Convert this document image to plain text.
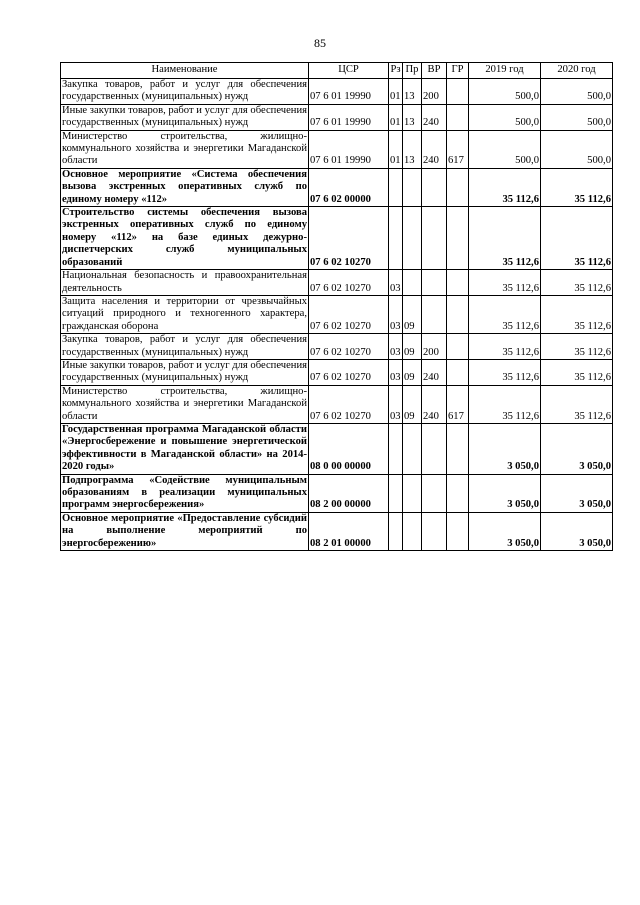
85
Наименование	ЦСР	Рз	Пр	ВР	ГР	2019 год	2020 год

Закупка товаров, работ и услуг для обеспечения государственных (муниципальных) нужд	07 6 01 19990	01	13	200		500,0	500,0

Иные закупки товаров, работ и услуг для обеспечения государственных (муниципальных) нужд	07 6 01 19990	01	13	240		500,0	500,0

Министерство строительства, жилищно-коммунального хозяйства и энергетики Магаданской области	07 6 01 19990	01	13	240	617	500,0	500,0

Основное мероприятие «Система обеспечения вызова экстренных оперативных служб по единому номеру «112»	07 6 02 00000					35 112,6	35 112,6

Строительство системы обеспечения вызова экстренных оперативных служб по единому номеру «112» на базе единых дежурно-диспетчерских служб муниципальных образований	07 6 02 10270					35 112,6	35 112,6

Национальная безопасность и правоохранительная деятельность	07 6 02 10270	03				35 112,6	35 112,6

Защита населения и территории от чрезвычайных ситуаций природного и техногенного характера, гражданская оборона	07 6 02 10270	03	09			35 112,6	35 112,6

Закупка товаров, работ и услуг для обеспечения государственных (муниципальных) нужд	07 6 02 10270	03	09	200		35 112,6	35 112,6

Иные закупки товаров, работ и услуг для обеспечения государственных (муниципальных) нужд	07 6 02 10270	03	09	240		35 112,6	35 112,6

Министерство строительства, жилищно-коммунального хозяйства и энергетики Магаданской области	07 6 02 10270	03	09	240	617	35 112,6	35 112,6

Государственная программа Магаданской области «Энергосбережение и повышение энергетической эффективности в Магаданской области» на 2014-2020 годы»	08 0 00 00000					3 050,0	3 050,0

Подпрограмма «Содействие муниципальным образованиям в реализации муниципальных программ энергосбережения»	08 2 00 00000					3 050,0	3 050,0

Основное мероприятие «Предоставление субсидий на выполнение мероприятий по энергосбережению»	08 2 01 00000					3 050,0	3 050,0
